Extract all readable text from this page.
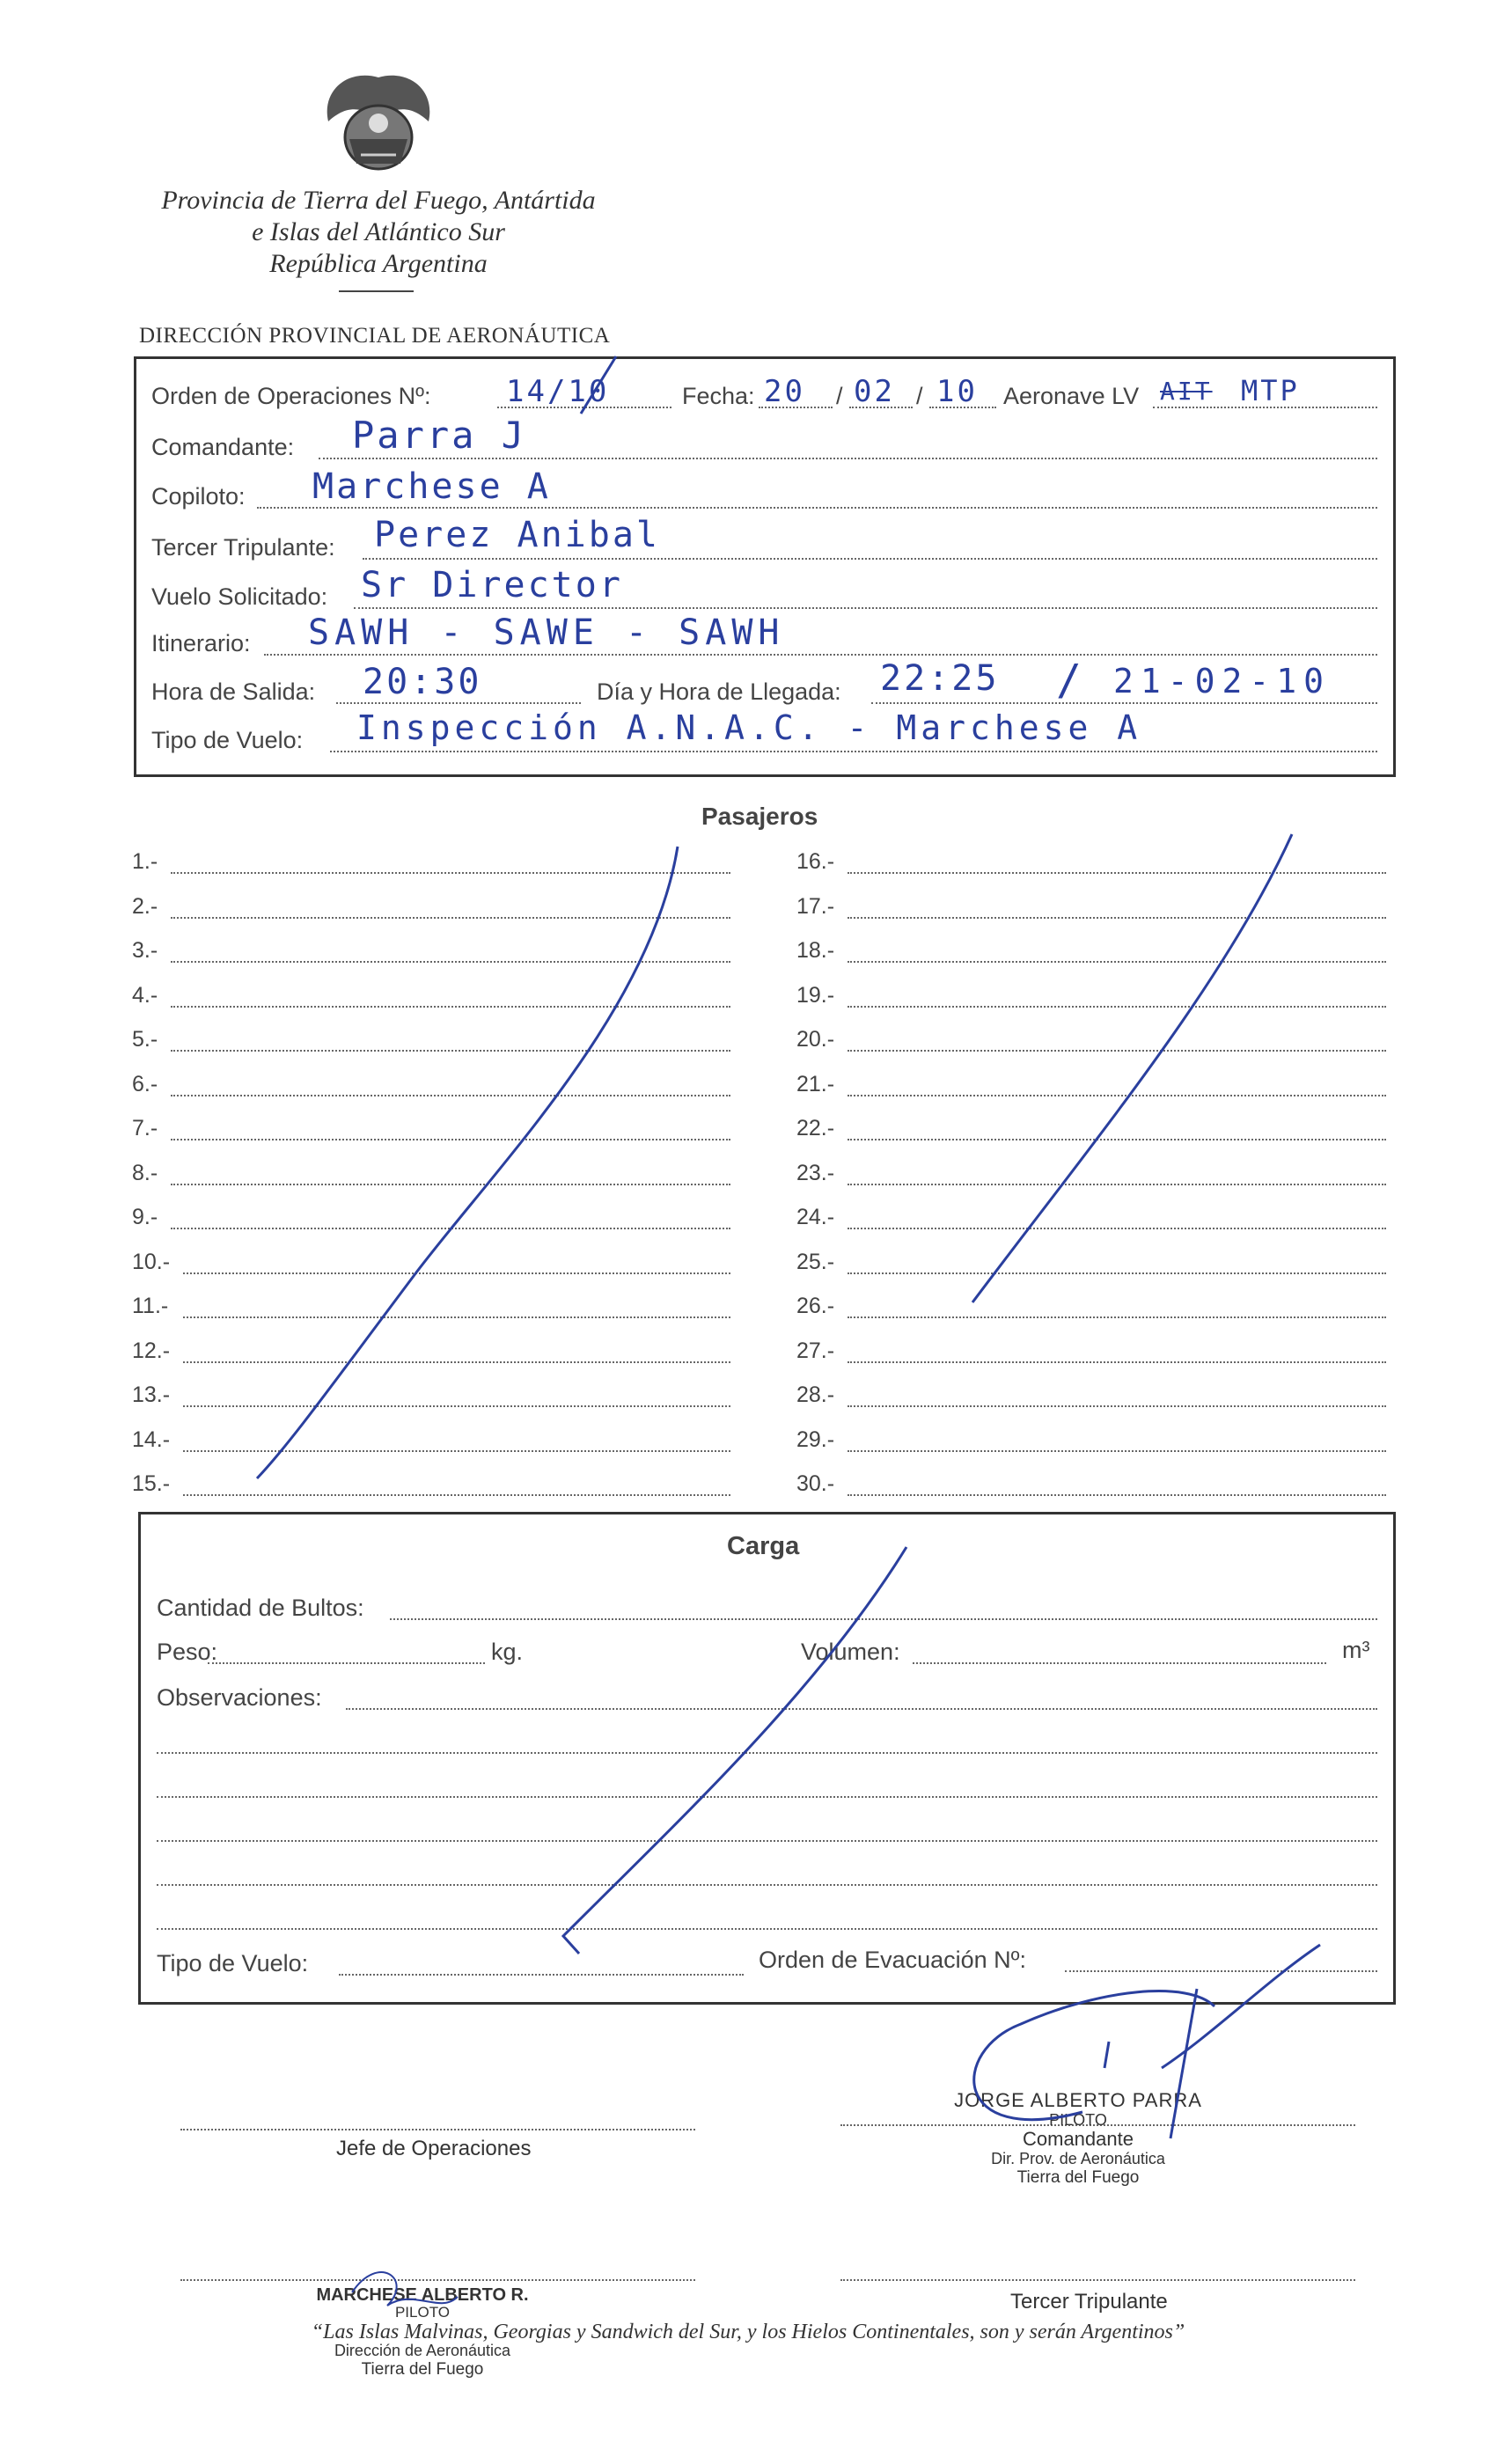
Provincia de Tierra del Fuego, Antártida
e Islas del Atlántico Sur
República Argentina
DIRECCIÓN PROVINCIAL DE AERONÁUTICA
Orden de Operaciones Nº:	14/10	Fecha: 20 / 02 / 10 Aeronave LV AIT MTP
Comandante: Parra J
Copiloto: Marchese A
Tercer Tripulante: Perez Anibal
Vuelo Solicitado: Sr Director
Itinerario: SAWH - SAWE - SAWH
Hora de Salida: 20:30	Día y Hora de Llegada: 22:25 / 21-02-10
Tipo de Vuelo: Inspección A.N.A.C. - Marchese A
Pasajeros
1.-
2.-
3.-
4.-
5.-
6.-
7.-
8.-
9.-
10.-
11.-
12.-
13.-
14.-
15.-
16.-
17.-
18.-
19.-
20.-
21.-
22.-
23.-
24.-
25.-
26.-
27.-
28.-
29.-
30.-
Carga
Cantidad de Bultos:
Peso:	kg.	Volumen:	m³
Observaciones:
Tipo de Vuelo:	Orden de Evacuación Nº:
Jefe de Operaciones
JORGE ALBERTO PARRA
PILOTO
Comandante
Dir. Prov. de Aeronáutica
Tierra del Fuego
MARCHESE ALBERTO R.
PILOTO	Tercer Tripulante
“Las Islas Malvinas, Georgias y Sandwich del Sur, y los Hielos Continentales, son y serán Argentinos”
Dirección de Aeronáutica
Tierra del Fuego
